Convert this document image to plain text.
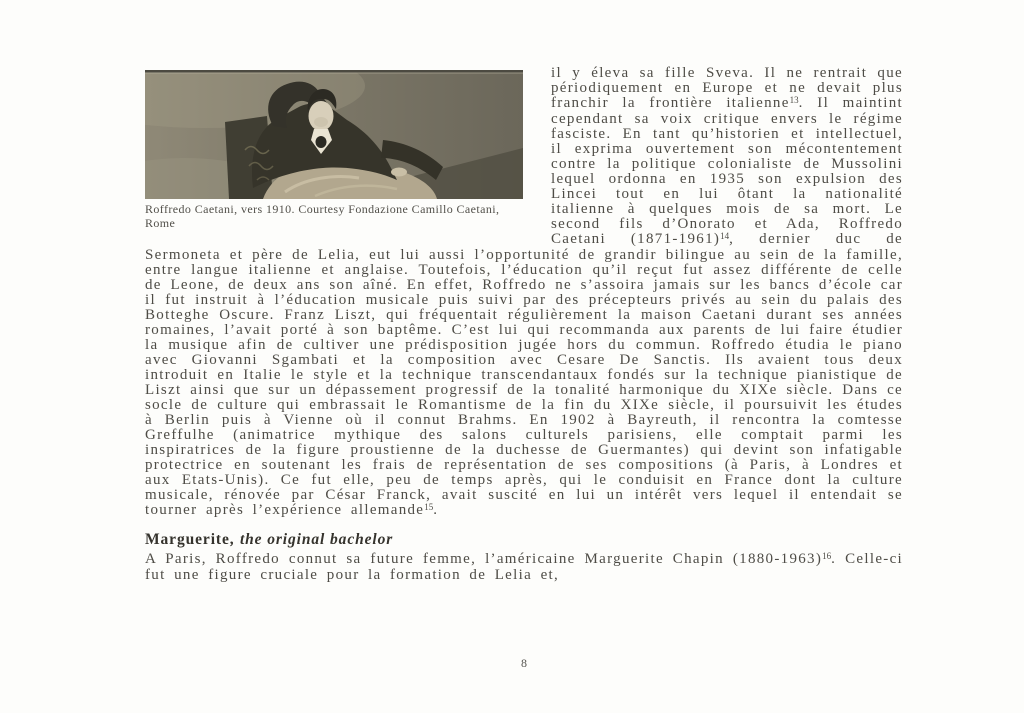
Roffredo Caetani, vers 1910. Courtesy Fondazione Camillo Caetani, Rome

il y éleva sa fille Sveva. Il ne rentrait que périodiquement en Europe et ne devait plus franchir la frontière italienne$^{13}$. Il maintint cependant sa voix critique envers le régime fasciste. En tant qu’historien et intellectuel, il exprima ouvertement son mécontentement contre la politique colonialiste de Mussolini lequel ordonna en 1935 son expulsion des Lincei tout en lui ôtant la nationalité italienne à quelques mois de sa mort. Le second fils d’Onorato et Ada, Roffredo Caetani (1871-1961)$^{14}$, dernier duc de Sermoneta et père de Lelia, eut lui aussi l’opportunité de grandir bilingue au sein de la famille, entre langue italienne et anglaise. Toutefois, l’éducation qu’il reçut fut assez différente de celle de Leone, de deux ans son aîné. En effet, Roffredo ne s’assoira jamais sur les bancs d’école car il fut instruit à l’éducation musicale puis suivi par des précepteurs privés au sein du palais des Botteghe Oscure. Franz Liszt, qui fréquentait régulièrement la maison Caetani durant ses années romaines, l’avait porté à son baptême. C’est lui qui recommanda aux parents de lui faire étudier la musique afin de cultiver une prédisposition jugée hors du commun. Roffredo étudia le piano avec Giovanni Sgambati et la composition avec Cesare De Sanctis. Ils avaient tous deux introduit en Italie le style et la technique transcendantaux fondés sur la technique pianistique de Liszt ainsi que sur un dépassement progressif de la tonalité harmonique du XIXe siècle. Dans ce socle de culture qui embrassait le Romantisme de la fin du XIXe siècle, il poursuivit les études à Berlin puis à Vienne où il connut Brahms. En 1902 à Bayreuth, il rencontra la comtesse Greffulhe (animatrice mythique des salons culturels parisiens, elle comptait parmi les inspiratrices de la figure proustienne de la duchesse de Guermantes) qui devint son infatigable protectrice en soutenant les frais de représentation de ses compositions (à Paris, à Londres et aux Etats-Unis). Ce fut elle, peu de temps après, qui le conduisit en France dont la culture musicale, rénovée par César Franck, avait suscité en lui un intérêt vers lequel il entendait se tourner après l’expérience allemande$^{15}$.

Marguerite, the original bachelor

A Paris, Roffredo connut sa future femme, l’américaine Marguerite Chapin (1880-1963)$^{16}$. Celle-ci fut une figure cruciale pour la formation de Lelia et,

8
